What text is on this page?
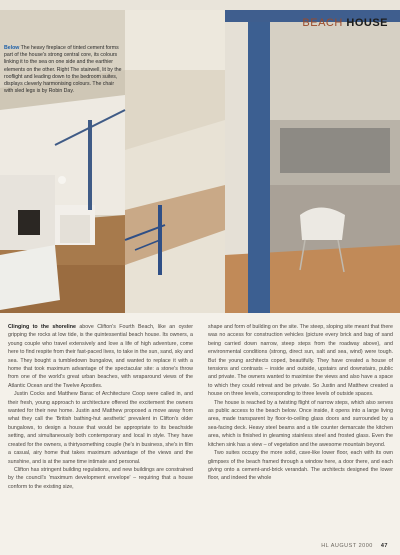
BEACH HOUSE
Below The heavy fireplace of tinted cement forms part of the house's strong central core, its colours linking it to the sea on one side and the earthier elements on the other. Right The stairwell, lit by the rooflight and leading down to the bedroom suites, displays cleverly harmonising colours. The chair with sled legs is by Robin Day.

Clinging to the shoreline above Clifton's Fourth Beach, like an oyster gripping the rocks at low tide, is the quintessential beach house. Its owners, a young couple who travel extensively and love a life of high adventure, come here to find respite from their fast-paced lives, to take in the sun, sand, sky and sea. They bought a tumbledown bungalow, and wanted to replace it with a home that took maximum advantage of the spectacular site: a stone's throw from one of the world's great urban beaches, with wraparound views of the Atlantic Ocean and the Twelve Apostles.

Justin Cocks and Matthew Barac of Architecture Coop were called in, and their fresh, young approach to architecture offered the excitement the owners wanted for their new home. Justin and Matthew proposed a move away from what they call the 'British bathing-hut aesthetic' prevalent in Clifton's older bungalows, to design a house that would be appropriate to its beachside setting, and simultaneously both contemporary and local in style. They have created for the owners, a thirtysomething couple (he's in business, she's in film a casual, airy home that takes maximum advantage of the views and the sunshine, and is at the same time intimate and personal.

Clifton has stringent building regulations, and new buildings are constrained by the council's 'maximum development envelope' – requiring that a house conform to the existing size,

shape and form of building on the site. The steep, sloping site meant that there was no access for construction vehicles (picture every brick and bag of sand being carried down narrow, steep steps from the roadway above), and environmental conditions (strong, direct sun, salt and sea, wind) were tough. But the young architects coped, beautifully. They have created a house of tensions and contrasts – inside and outside, upstairs and downstairs, public and private. The owners wanted to maximise the views and also have a space to which they could retreat and be private. So Justin and Matthew created a house on three levels, corresponding to three levels of outside spaces.

The house is reached by a twisting flight of narrow steps, which also serves as public access to the beach below. Once inside, it opens into a large living area, made transparent by floor-to-ceiling glass doors and surrounded by a sea-facing deck. Heavy steel beams and a tile counter demarcate the kitchen area, which is finished in gleaming stainless steel and frosted glass. Even the kitchen sink has a view – of vegetation and the awesome mountain beyond.

Two suites occupy the more solid, cave-like lower floor, each with its own glimpses of the beach framed through a window here, a door there, and each giving onto a cement-and-brick verandah. The architects designed the lower floor, and indeed the whole

HL AUGUST 2000 47
